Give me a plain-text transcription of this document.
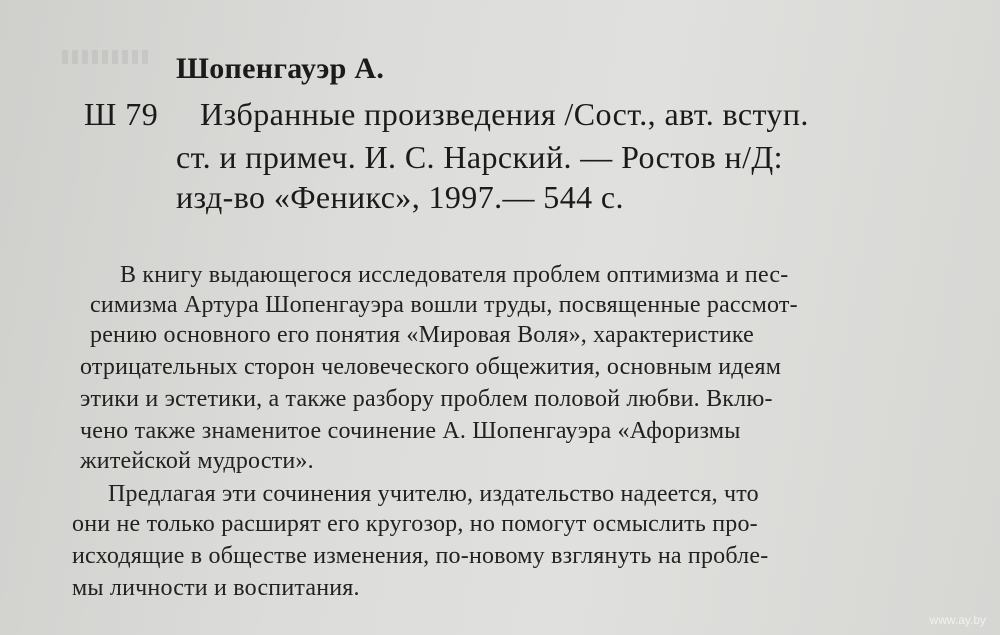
Шопенгауэр А.
Ш 79 Избранные произведения /Сост., авт. вступ.
ст. и примеч. И. С. Нарский. — Ростов н/Д:
изд-во «Феникс», 1997.— 544 с.
В книгу выдающегося исследователя проблем оптимизма и пес-
симизма Артура Шопенгауэра вошли труды, посвященные рассмот-
рению основного его понятия «Мировая Воля», характеристике
отрицательных сторон человеческого общежития, основным идеям
этики и эстетики, а также разбору проблем половой любви. Вклю-
чено также знаменитое сочинение А. Шопенгауэра «Афоризмы
житейской мудрости».
Предлагая эти сочинения учителю, издательство надеется, что
они не только расширят его кругозор, но помогут осмыслить про-
исходящие в обществе изменения, по-новому взглянуть на пробле-
мы личности и воспитания.
www.ay.by
